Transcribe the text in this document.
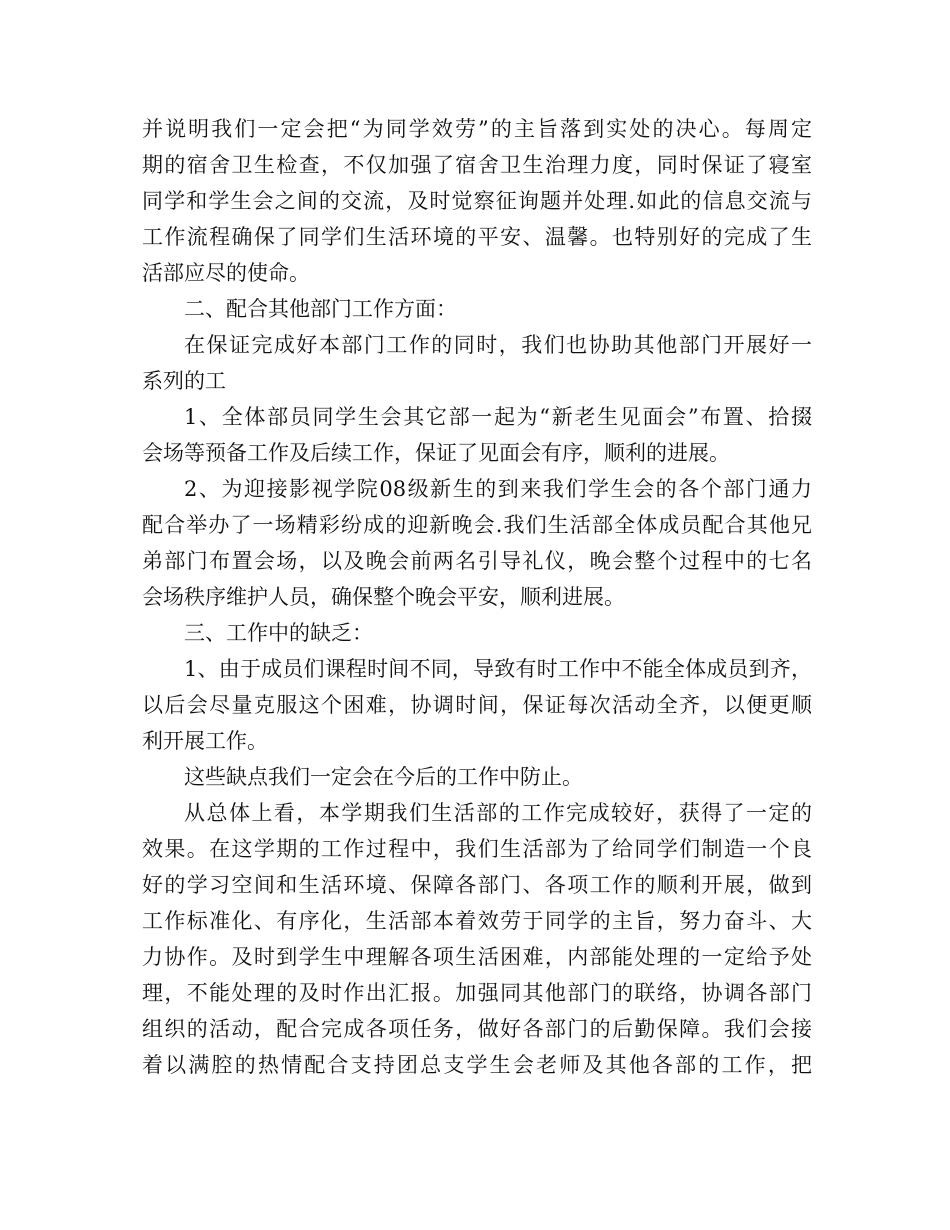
并说明我们一定会把“为同学效劳”的主旨落到实处的决心。每周定
期的宿舍卫生检查，不仅加强了宿舍卫生治理力度，同时保证了寝室
同学和学生会之间的交流，及时觉察征询题并处理.如此的信息交流与
工作流程确保了同学们生活环境的平安、温馨。也特别好的完成了生
活部应尽的使命。
二、配合其他部门工作方面：
在保证完成好本部门工作的同时，我们也协助其他部门开展好一
系列的工
1、全体部员同学生会其它部一起为“新老生见面会”布置、拾掇
会场等预备工作及后续工作，保证了见面会有序，顺利的进展。
2、为迎接影视学院08级新生的到来我们学生会的各个部门通力
配合举办了一场精彩纷成的迎新晚会.我们生活部全体成员配合其他兄
弟部门布置会场，以及晚会前两名引导礼仪，晚会整个过程中的七名
会场秩序维护人员，确保整个晚会平安，顺利进展。
三、工作中的缺乏：
1、由于成员们课程时间不同，导致有时工作中不能全体成员到齐，
以后会尽量克服这个困难，协调时间，保证每次活动全齐，以便更顺
利开展工作。
这些缺点我们一定会在今后的工作中防止。
从总体上看，本学期我们生活部的工作完成较好，获得了一定的
效果。在这学期的工作过程中，我们生活部为了给同学们制造一个良
好的学习空间和生活环境、保障各部门、各项工作的顺利开展，做到
工作标准化、有序化，生活部本着效劳于同学的主旨，努力奋斗、大
力协作。及时到学生中理解各项生活困难，内部能处理的一定给予处
理，不能处理的及时作出汇报。加强同其他部门的联络，协调各部门
组织的活动，配合完成各项任务，做好各部门的后勤保障。我们会接
着以满腔的热情配合支持团总支学生会老师及其他各部的工作，把
